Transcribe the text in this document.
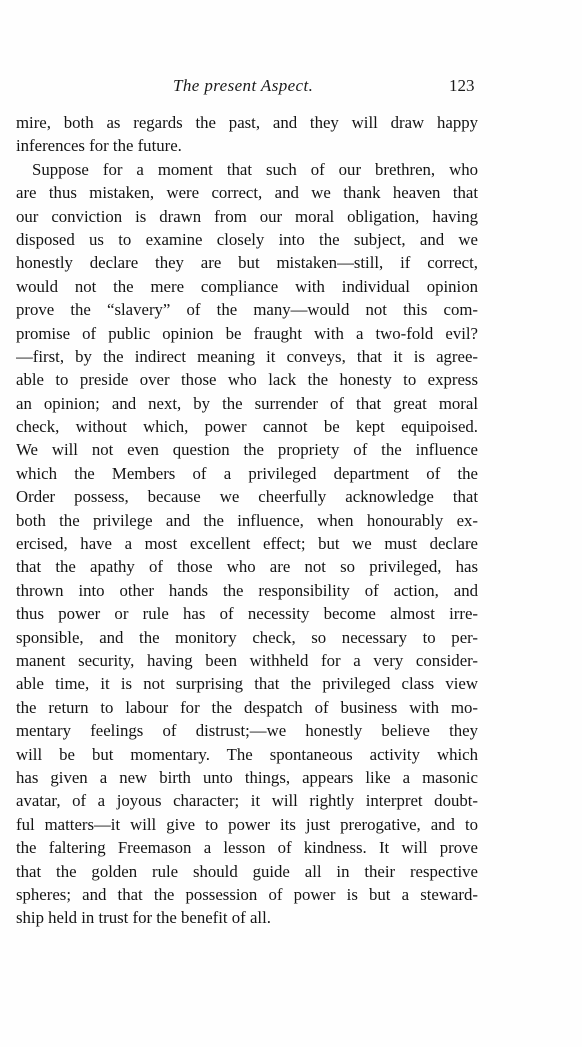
The present Aspect.	123
mire, both as regards the past, and they will draw happy
inferences for the future.
Suppose for a moment that such of our brethren, who
are thus mistaken, were correct, and we thank heaven that
our conviction is drawn from our moral obligation, having
disposed us to examine closely into the subject, and we
honestly declare they are but mistaken—still, if correct,
would not the mere compliance with individual opinion
prove the “slavery” of the many—would not this com-
promise of public opinion be fraught with a two-fold evil?
—first, by the indirect meaning it conveys, that it is agree-
able to preside over those who lack the honesty to express
an opinion; and next, by the surrender of that great moral
check, without which, power cannot be kept equipoised.
We will not even question the propriety of the influence
which the Members of a privileged department of the
Order possess, because we cheerfully acknowledge that
both the privilege and the influence, when honourably ex-
ercised, have a most excellent effect; but we must declare
that the apathy of those who are not so privileged, has
thrown into other hands the responsibility of action, and
thus power or rule has of necessity become almost irre-
sponsible, and the monitory check, so necessary to per-
manent security, having been withheld for a very consider-
able time, it is not surprising that the privileged class view
the return to labour for the despatch of business with mo-
mentary feelings of distrust;—we honestly believe they
will be but momentary. The spontaneous activity which
has given a new birth unto things, appears like a masonic
avatar, of a joyous character; it will rightly interpret doubt-
ful matters—it will give to power its just prerogative, and to
the faltering Freemason a lesson of kindness. It will prove
that the golden rule should guide all in their respective
spheres; and that the possession of power is but a steward-
ship held in trust for the benefit of all.
